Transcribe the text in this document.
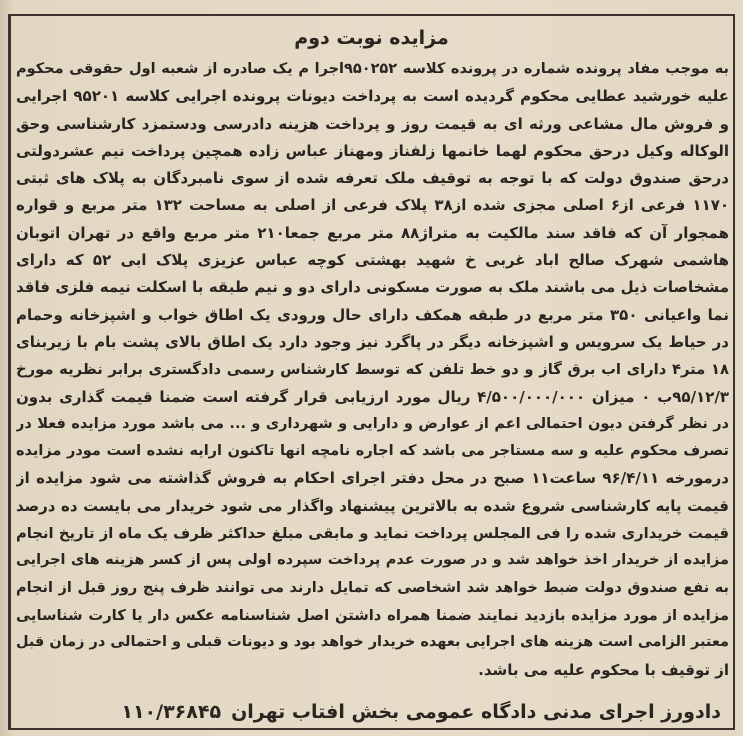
مزایده نوبت دوم
به موجب مفاد پرونده شماره در پرونده کلاسه ۹۵۰۲۵۲اجرا م یک صادره از شعبه اول حقوقی محکوم
علیه خورشید عطایی محکوم گردیده است به پرداخت دیونات پرونده اجرایی کلاسه ۹۵۲۰۱ اجرایی
و فروش مال مشاعی ورثه ای به قیمت روز و پرداخت هزینه دادرسی ودستمزد کارشناسی وحق
الوکاله وکیل درحق محکوم لهما خانمها زلفناز ومهناز عباس زاده همچین پرداخت نیم عشردولتی
درحق صندوق دولت که با توجه به توقیف ملک تعرفه شده از سوی نامبردگان به پلاک های ثبتی
۱۱۷۰ فرعی از۶ اصلی مجزی شده از۳۸ پلاک فرعی از اصلی به مساحت ۱۳۲ متر مربع و قواره
همجوار آن که فاقد سند مالکیت به متراژ۸۸ متر مربع جمعا۲۱۰ متر مربع واقع در تهران اتوبان
هاشمی شهرک صالح اباد غربی خ شهید بهشتی کوچه عباس عزیزی پلاک ابی ۵۲ که دارای
مشخاصات ذیل می باشند ملک به صورت مسکونی دارای دو و نیم طبقه با اسکلت نیمه فلزی فاقد
نما واعیانی ۳۵۰ متر مربع در طبقه همکف دارای حال ورودی یک اطاق خواب و اشپزخانه وحمام
در حیاط یک سرویس و اشپزخانه دیگر در پاگرد نیز وجود دارد یک اطاق بالای پشت بام با زیربنای
۱۸ متر۴ دارای اب برق گاز و دو خط تلفن که توسط کارشناس رسمی دادگستری برابر نظریه مورخ
۹۵/۱۲/۳ب ۰ میزان ۴/۵۰۰/۰۰۰/۰۰۰ ریال مورد ارزیابی قرار گرفته است ضمنا قیمت گذاری بدون
در نظر گرفتن دیون احتمالی اعم از عوارض و دارایی و شهرداری و ... می باشد مورد مزایده فعلا در
تصرف محکوم علیه و سه مستاجر می باشد که اجاره نامچه انها تاکنون ارایه نشده است مودر مزایده
درمورخه ۹۶/۴/۱۱ ساعت۱۱ صبح در محل دفتر اجرای احکام به فروش گذاشته می شود مزایده از
قیمت پایه کارشناسی شروع شده به بالاترین پیشنهاد واگذار می شود خریدار می بایست ده درصد
قیمت خریداری شده را فی المجلس پرداخت نماید و مابقی مبلغ حداکثر ظرف یک ماه از تاریخ انجام
مزایده از خریدار اخذ خواهد شد و در صورت عدم پرداخت سپرده اولی پس از کسر هزینه های اجرایی
به نفع صندوق دولت ضبط خواهد شد اشخاصی که تمایل دارند می توانند ظرف پنج روز قبل از انجام
مزایده از مورد مزایده بازدید نمایند ضمنا همراه داشتن اصل شناسنامه عکس دار یا کارت شناسایی
معتبر الزامی است هزینه های اجرایی بعهده خریدار خواهد بود و دیونات قبلی و احتمالی در زمان قبل
از توقیف با محکوم علیه می باشد.
دادورز اجرای مدنی دادگاه عمومی بخش افتاب تهران
۱۱۰/۳۶۸۴۵
